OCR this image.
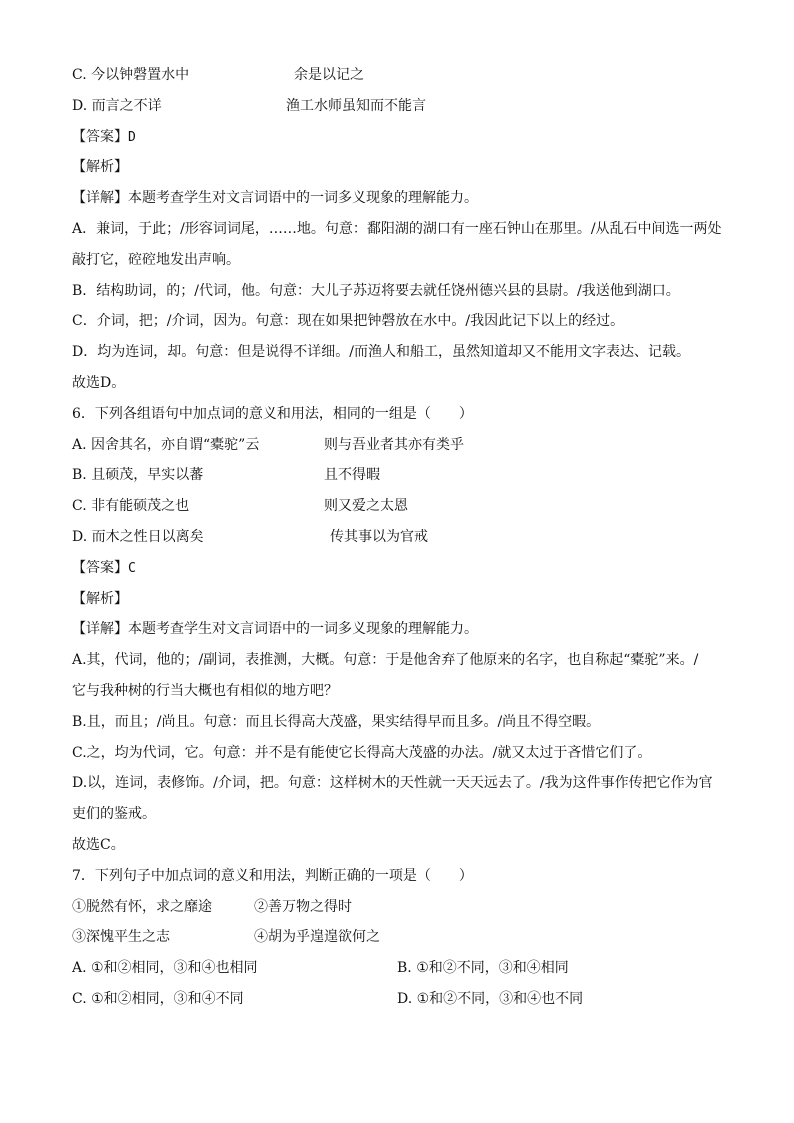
C. 今以钟磬置水中	余是以记之
D. 而言之不详	渔工水师虽知而不能言
【答案】D
【解析】
【详解】本题考查学生对文言词语中的一词多义现象的理解能力。
A．兼词，于此；/形容词词尾，……地。句意：鄱阳湖的湖口有一座石钟山在那里。/从乱石中间选一两处
敲打它，硿硿地发出声响。
B．结构助词，的；/代词，他。句意：大儿子苏迈将要去就任饶州德兴县的县尉。/我送他到湖口。
C．介词，把；/介词，因为。句意：现在如果把钟磬放在水中。/我因此记下以上的经过。
D．均为连词，却。句意：但是说得不详细。/而渔人和船工，虽然知道却又不能用文字表达、记载。
故选D。
6．下列各组语句中加点词的意义和用法，相同的一组是（　　）
A. 因舍其名，亦自谓“橐驼”云	则与吾业者其亦有类乎
B. 且硕茂，早实以蕃	且不得暇
C. 非有能硕茂之也	则又爱之太恩
D. 而木之性日以离矣	传其事以为官戒
【答案】C
【解析】
【详解】本题考查学生对文言词语中的一词多义现象的理解能力。
A.其，代词，他的；/副词，表推测，大概。句意：于是他舍弃了他原来的名字，也自称起“橐驼”来。/
它与我种树的行当大概也有相似的地方吧？
B.且，而且；/尚且。句意：而且长得高大茂盛，果实结得早而且多。/尚且不得空暇。
C.之，均为代词，它。句意：并不是有能使它长得高大茂盛的办法。/就又太过于吝惜它们了。
D.以，连词，表修饰。/介词，把。句意：这样树木的天性就一天天远去了。/我为这件事作传把它作为官
吏们的鉴戒。
故选C。
7．下列句子中加点词的意义和用法，判断正确的一项是（　　）
①脱然有怀，求之靡途	②善万物之得时
③深愧平生之志	④胡为乎遑遑欲何之
A. ①和②相同，③和④也相同	B. ①和②不同，③和④相同
C. ①和②相同，③和④不同	D. ①和②不同，③和④也不同
